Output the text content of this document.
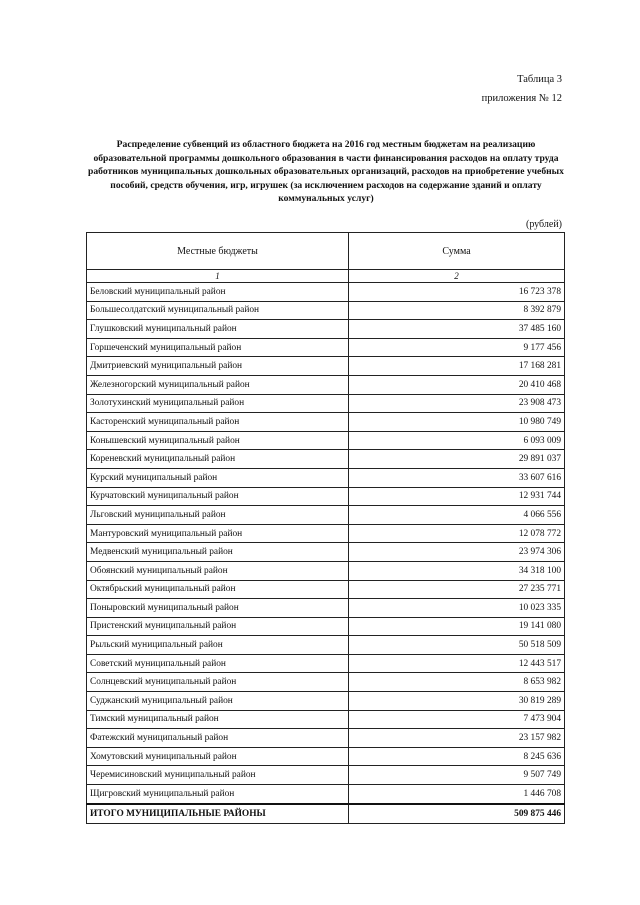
Таблица 3
приложения № 12
Распределение субвенций из областного бюджета на 2016 год местным бюджетам на реализацию образовательной программы дошкольного образования в части финансирования расходов на оплату труда работников муниципальных дошкольных образовательных организаций, расходов на приобретение учебных пособий, средств обучения, игр, игрушек (за исключением расходов на содержание зданий и оплату коммунальных услуг)
(рублей)
Местные бюджеты	Сумма
1	2
Беловский муниципальный район	16 723 378
Большесолдатский муниципальный район	8 392 879
Глушковский муниципальный район	37 485 160
Горшеченский муниципальный район	9 177 456
Дмитриевский муниципальный район	17 168 281
Железногорский муниципальный район	20 410 468
Золотухинский муниципальный район	23 908 473
Касторенский муниципальный район	10 980 749
Конышевский муниципальный район	6 093 009
Кореневский муниципальный район	29 891 037
Курский муниципальный район	33 607 616
Курчатовский муниципальный район	12 931 744
Льговский муниципальный район	4 066 556
Мантуровский муниципальный район	12 078 772
Медвенский муниципальный район	23 974 306
Обоянский муниципальный район	34 318 100
Октябрьский муниципальный район	27 235 771
Поныровский муниципальный район	10 023 335
Пристенский муниципальный район	19 141 080
Рыльский муниципальный район	50 518 509
Советский муниципальный район	12 443 517
Солнцевский муниципальный район	8 653 982
Суджанский муниципальный район	30 819 289
Тимский муниципальный район	7 473 904
Фатежский муниципальный район	23 157 982
Хомутовский муниципальный район	8 245 636
Черемисиновский муниципальный район	9 507 749
Щигровский муниципальный район	1 446 708
ИТОГО МУНИЦИПАЛЬНЫЕ РАЙОНЫ	509 875 446
